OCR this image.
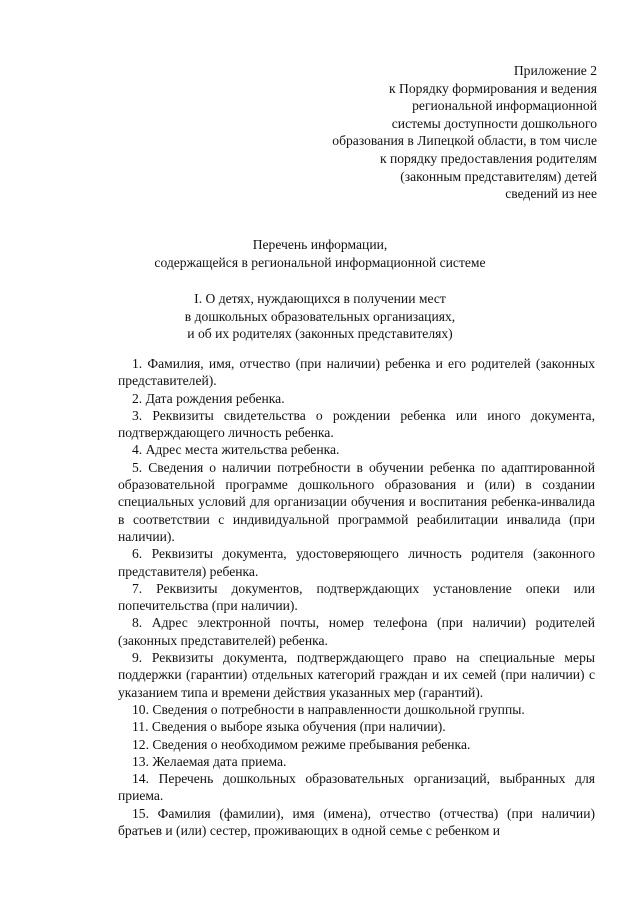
Приложение 2
к Порядку формирования и ведения
региональной информационной
системы доступности дошкольного
образования в Липецкой области, в том числе
к порядку предоставления родителям
(законным представителям) детей
сведений из нее
Перечень информации,
содержащейся в региональной информационной системе
I. О детях, нуждающихся в получении мест
в дошкольных образовательных организациях,
и об их родителях (законных представителях)

1. Фамилия, имя, отчество (при наличии) ребенка и его родителей (законных представителей).

2. Дата рождения ребенка.

3. Реквизиты свидетельства о рождении ребенка или иного документа, подтверждающего личность ребенка.

4. Адрес места жительства ребенка.

5. Сведения о наличии потребности в обучении ребенка по адаптированной образовательной программе дошкольного образования и (или) в создании специальных условий для организации обучения и воспитания ребенка-инвалида в соответствии с индивидуальной программой реабилитации инвалида (при наличии).

6. Реквизиты документа, удостоверяющего личность родителя (законного представителя) ребенка.

7. Реквизиты документов, подтверждающих установление опеки или попечительства (при наличии).

8. Адрес электронной почты, номер телефона (при наличии) родителей (законных представителей) ребенка.

9. Реквизиты документа, подтверждающего право на специальные меры поддержки (гарантии) отдельных категорий граждан и их семей (при наличии) с указанием типа и времени действия указанных мер (гарантий).

10. Сведения о потребности в направленности дошкольной группы.

11. Сведения о выборе языка обучения (при наличии).

12. Сведения о необходимом режиме пребывания ребенка.

13. Желаемая дата приема.

14. Перечень дошкольных образовательных организаций, выбранных для приема.

15. Фамилия (фамилии), имя (имена), отчество (отчества) (при наличии) братьев и (или) сестер, проживающих в одной семье с ребенком и
